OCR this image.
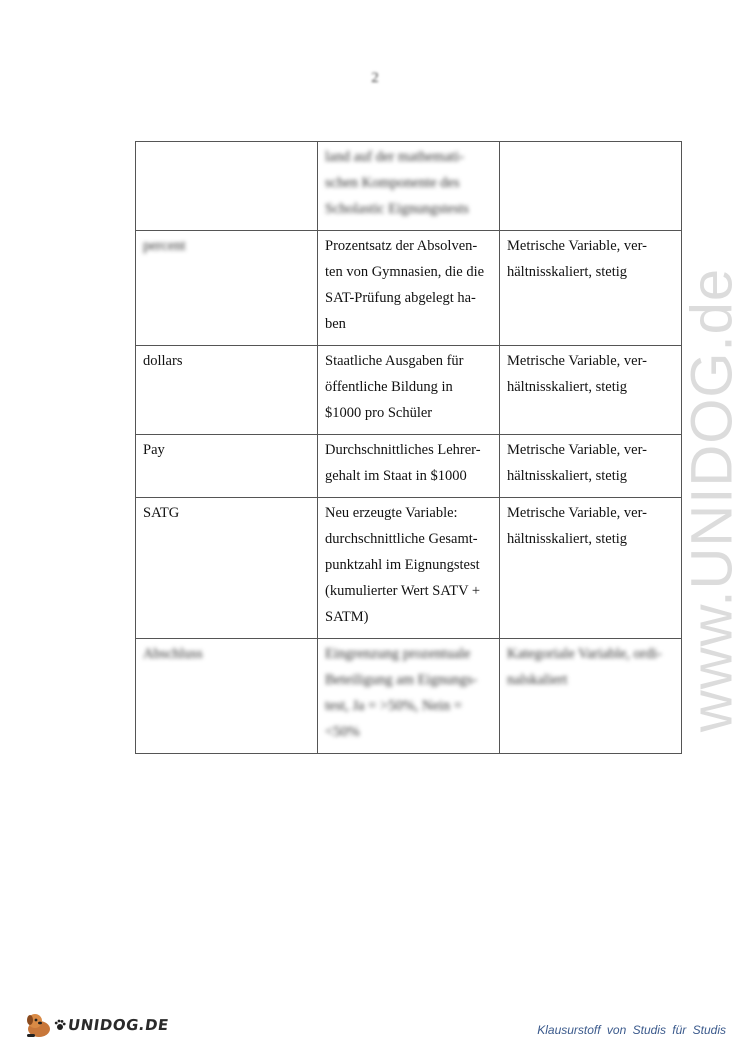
2
www.UNIDOG.de
	land auf der mathemati-
schen Komponente des
Scholastic Eignungstests	

percent	Prozentsatz der Absolven-
ten von Gymnasien, die die
SAT-Prüfung abgelegt ha-
ben	Metrische Variable, ver-
hältnisskaliert, stetig
dollars	Staatliche Ausgaben für
öffentliche Bildung in
$1000 pro Schüler	Metrische Variable, ver-
hältnisskaliert, stetig
Pay	Durchschnittliches Lehrer-
gehalt im Staat in $1000	Metrische Variable, ver-
hältnisskaliert, stetig
SATG	Neu erzeugte Variable:
durchschnittliche Gesamt-
punktzahl im Eignungstest
(kumulierter Wert SATV +
SATM)	Metrische Variable, ver-
hältnisskaliert, stetig
Abschluss	Eingrenzung prozentuale
Beteiligung am Eignungs-
test, Ja = >50%, Nein =
<50%	Kategoriale Variable, ordi-
nalskaliert
UNIDOG.DE	Klausurstoff von Studis für Studis
